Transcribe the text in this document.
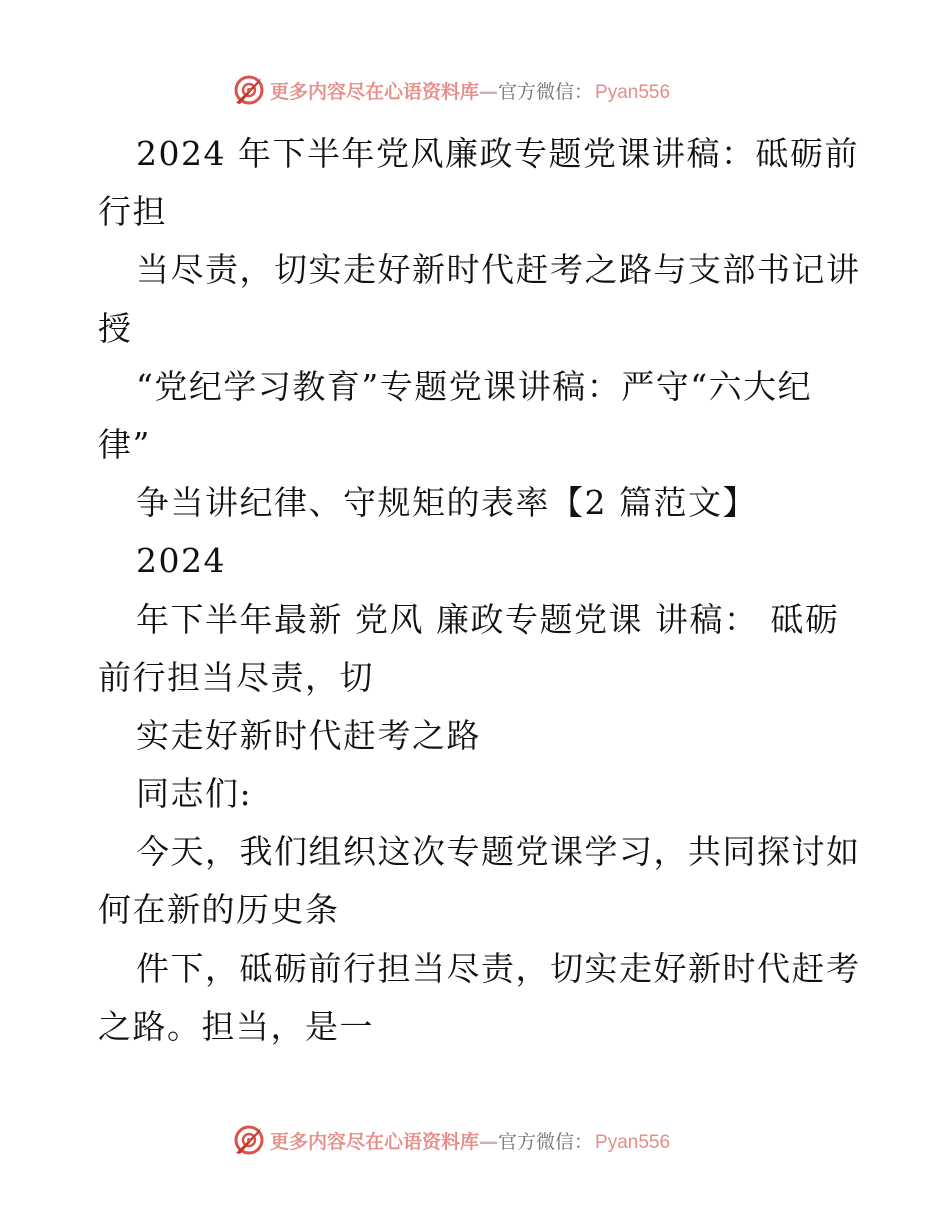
更多内容尽在心语资料库—官方微信： Pyan556
2024 年下半年党风廉政专题党课讲稿：砥砺前
行担
当尽责，切实走好新时代赶考之路与支部书记讲
授
“党纪学习教育”专题党课讲稿：严守“六大纪
律”
争当讲纪律、守规矩的表率【2 篇范文】
2024
年下半年最新 党风 廉政专题党课 讲稿： 砥砺
前行担当尽责，切
实走好新时代赶考之路
同志们:
今天，我们组织这次专题党课学习，共同探讨如
何在新的历史条
件下，砥砺前行担当尽责，切实走好新时代赶考
之路。担当，是一
更多内容尽在心语资料库—官方微信： Pyan556
